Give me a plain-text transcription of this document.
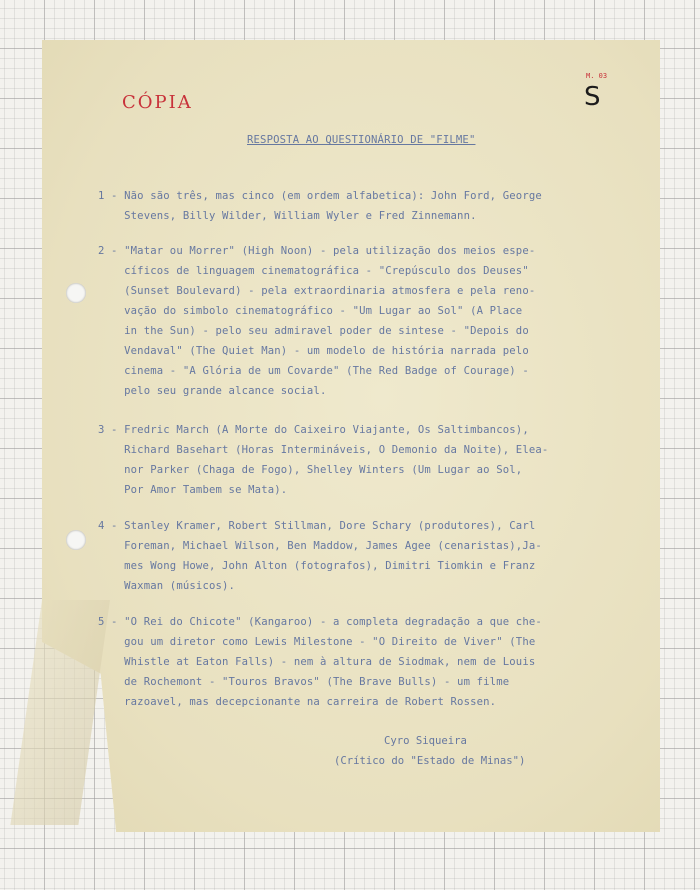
CÓPIA
M. 03
S
RESPOSTA AO QUESTIONÁRIO DE "FILME"
1 - Não são três, mas cinco (em ordem alfabetica): John Ford, George
Stevens, Billy Wilder, William Wyler e Fred Zinnemann.
2 - "Matar ou Morrer" (High Noon) - pela utilização dos meios espe-
cíficos de linguagem cinematográfica - "Crepúsculo dos Deuses"
(Sunset Boulevard) - pela extraordinaria atmosfera e pela reno-
vação do simbolo cinematográfico - "Um Lugar ao Sol" (A Place
in the Sun) - pelo seu admiravel poder de sintese - "Depois do
Vendaval" (The Quiet Man) - um modelo de história narrada pelo
cinema - "A Glória de um Covarde" (The Red Badge of Courage) -
pelo seu grande alcance social.
3 - Fredric March (A Morte do Caixeiro Viajante, Os Saltimbancos),
Richard Basehart (Horas Intermináveis, O Demonio da Noite), Elea-
nor Parker (Chaga de Fogo), Shelley Winters (Um Lugar ao Sol,
Por Amor Tambem se Mata).
4 - Stanley Kramer, Robert Stillman, Dore Schary (produtores), Carl
Foreman, Michael Wilson, Ben Maddow, James Agee (cenaristas),Ja-
mes Wong Howe, John Alton (fotografos), Dimitri Tiomkin e Franz
Waxman (músicos).
5 - "O Rei do Chicote" (Kangaroo) - a completa degradação a que che-
gou um diretor como Lewis Milestone - "O Direito de Viver" (The
Whistle at Eaton Falls) - nem à altura de Siodmak, nem de Louis
de Rochemont - "Touros Bravos" (The Brave Bulls) - um filme
razoavel, mas decepcionante na carreira de Robert Rossen.
Cyro Siqueira
(Crítico do "Estado de Minas")
